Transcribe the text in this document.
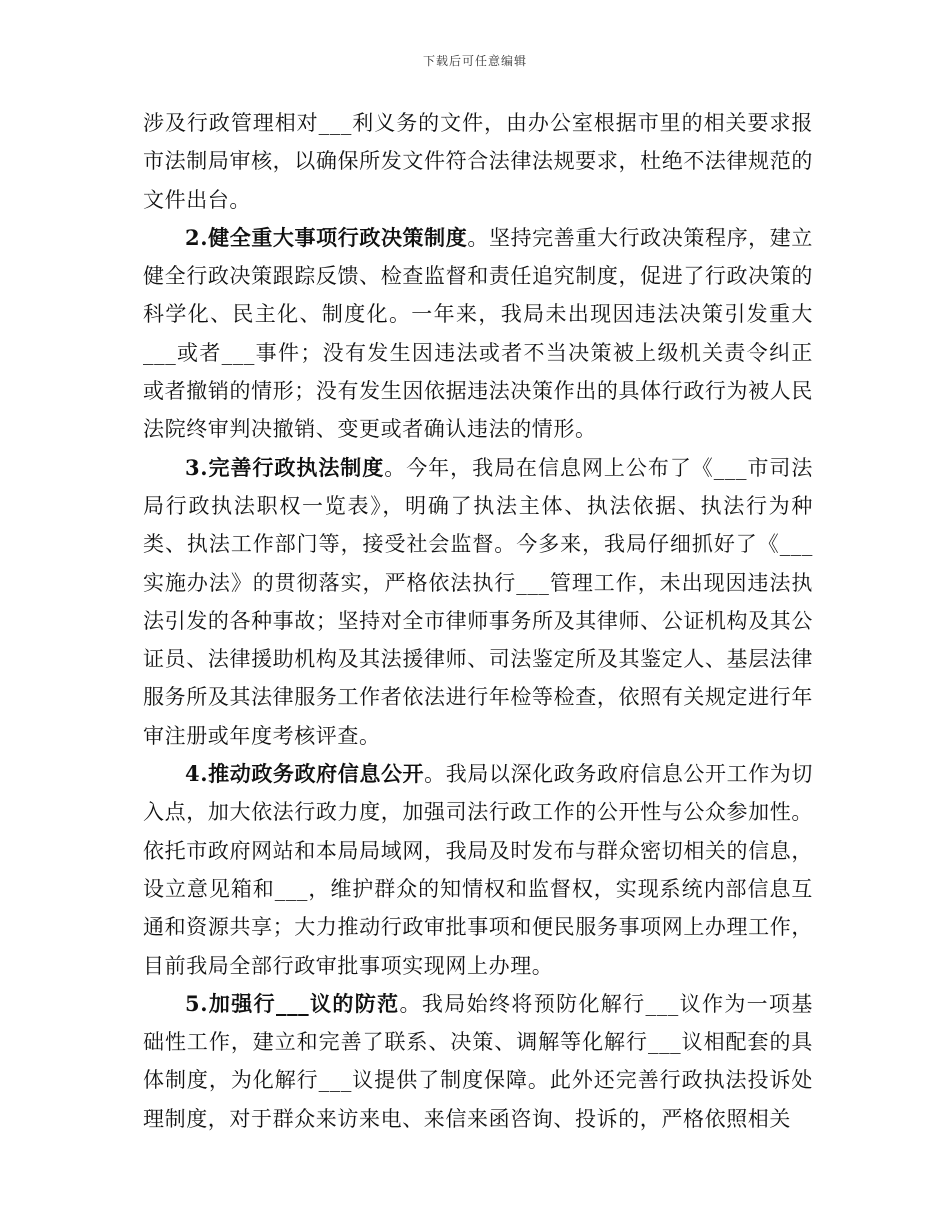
下载后可任意编辑

涉及行政管理相对___利义务的文件，由办公室根据市里的相关要求报市法制局审核，以确保所发文件符合法律法规要求，杜绝不法律规范的文件出台。

2.健全重大事项行政决策制度。坚持完善重大行政决策程序，建立健全行政决策跟踪反馈、检查监督和责任追究制度，促进了行政决策的科学化、民主化、制度化。一年来，我局未出现因违法决策引发重大___或者___事件；没有发生因违法或者不当决策被上级机关责令纠正或者撤销的情形；没有发生因依据违法决策作出的具体行政行为被人民法院终审判决撤销、变更或者确认违法的情形。

3.完善行政执法制度。今年，我局在信息网上公布了《___市司法局行政执法职权一览表》，明确了执法主体、执法依据、执法行为种类、执法工作部门等，接受社会监督。今多来，我局仔细抓好了《___实施办法》的贯彻落实，严格依法执行___管理工作，未出现因违法执法引发的各种事故；坚持对全市律师事务所及其律师、公证机构及其公证员、法律援助机构及其法援律师、司法鉴定所及其鉴定人、基层法律服务所及其法律服务工作者依法进行年检等检查，依照有关规定进行年审注册或年度考核评查。

4.推动政务政府信息公开。我局以深化政务政府信息公开工作为切入点，加大依法行政力度，加强司法行政工作的公开性与公众参加性。依托市政府网站和本局局域网，我局及时发布与群众密切相关的信息，设立意见箱和___，维护群众的知情权和监督权，实现系统内部信息互通和资源共享；大力推动行政审批事项和便民服务事项网上办理工作，目前我局全部行政审批事项实现网上办理。

5.加强行___议的防范。我局始终将预防化解行___议作为一项基础性工作，建立和完善了联系、决策、调解等化解行___议相配套的具体制度，为化解行___议提供了制度保障。此外还完善行政执法投诉处理制度，对于群众来访来电、来信来函咨询、投诉的，严格依照相关
